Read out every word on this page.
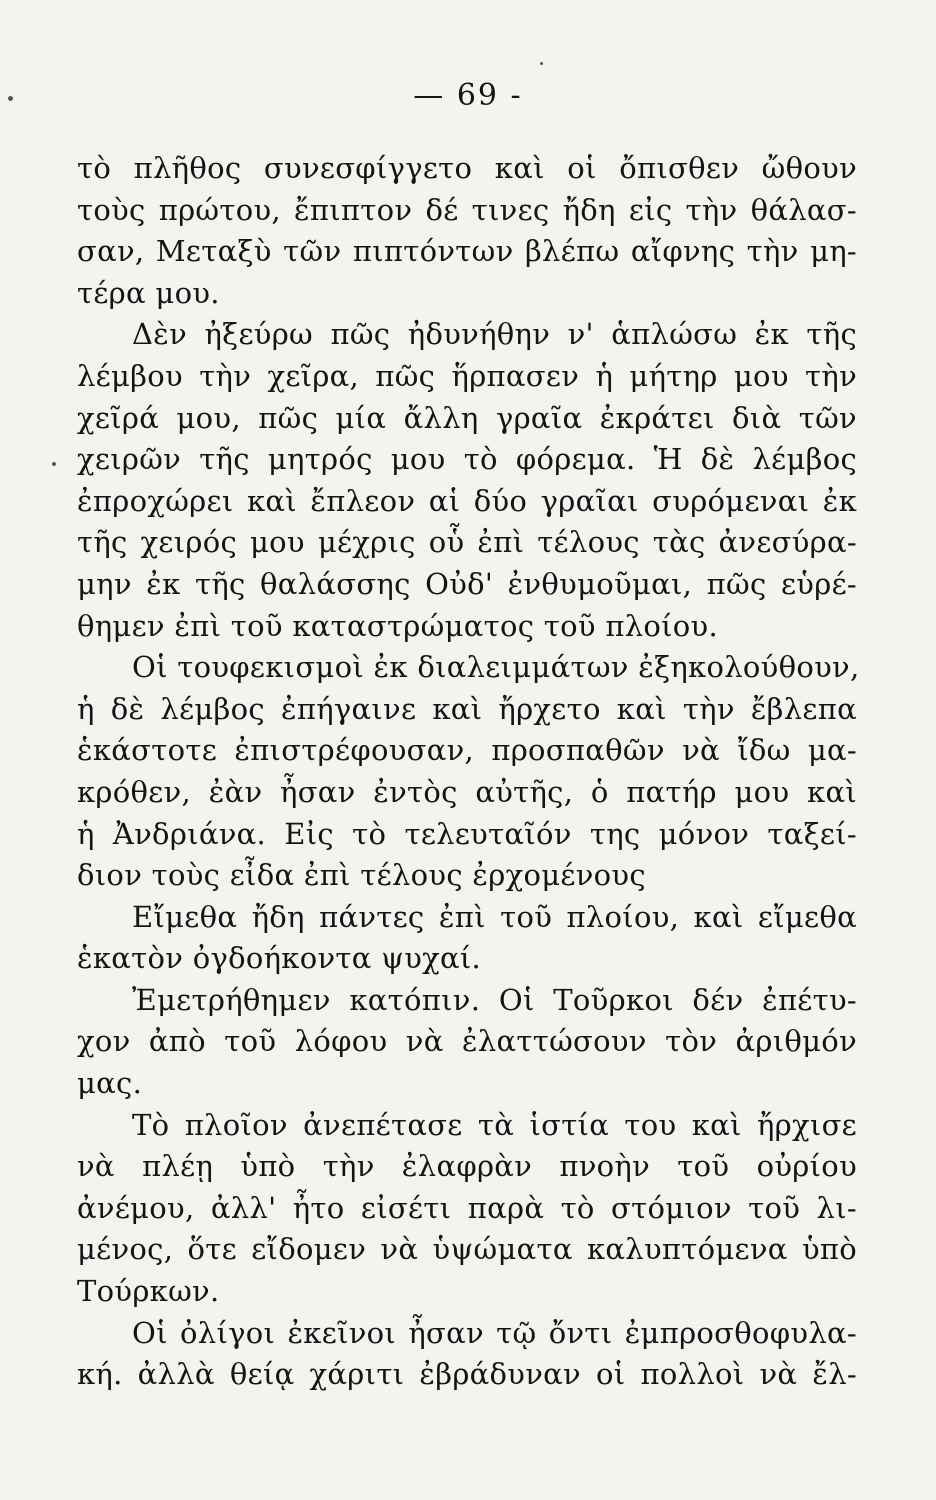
— 69 -
τὸ πλῆθος συνεσφίγγετο καὶ οἱ ὄπισθεν ὤθουν
τοὺς πρώτου, ἔπιπτον δέ τινες ἤδη εἰς τὴν θάλασ-
σαν, Μεταξὺ τῶν πιπτόντων βλέπω αἴφνης τὴν μη-
τέρα μου.
Δὲν ἠξεύρω πῶς ἠδυνήθην ν' ἁπλώσω ἐκ τῆς
λέμβου τὴν χεῖρα, πῶς ἥρπασεν ἡ μήτηρ μου τὴν
χεῖρά μου, πῶς μία ἄλλη γραῖα ἐκράτει διὰ τῶν
χειρῶν τῆς μητρός μου τὸ φόρεμα. Ἡ δὲ λέμβος
ἐπροχώρει καὶ ἔπλεον αἱ δύο γραῖαι συρόμεναι ἐκ
τῆς χειρός μου μέχρις οὗ ἐπὶ τέλους τὰς ἀνεσύρα-
μην ἐκ τῆς θαλάσσης Οὐδ' ἐνθυμοῦμαι, πῶς εὑρέ-
θημεν ἐπὶ τοῦ καταστρώματος τοῦ πλοίου.
Οἱ τουφεκισμοὶ ἐκ διαλειμμάτων ἐξηκολούθουν,
ἡ δὲ λέμβος ἐπήγαινε καὶ ἤρχετο καὶ τὴν ἔβλεπα
ἑκάστοτε ἐπιστρέφουσαν, προσπαθῶν νὰ ἴδω μα-
κρόθεν, ἐὰν ἦσαν ἐντὸς αὐτῆς, ὁ πατήρ μου καὶ
ἡ Ἀνδριάνα. Εἰς τὸ τελευταῖόν της μόνον ταξεί-
διον τοὺς εἶδα ἐπὶ τέλους ἐρχομένους
Εἴμεθα ἤδη πάντες ἐπὶ τοῦ πλοίου, καὶ εἴμεθα
ἑκατὸν ὀγδοήκοντα ψυχαί.
Ἐμετρήθημεν κατόπιν. Οἱ Τοῦρκοι δέν ἐπέτυ-
χον ἀπὸ τοῦ λόφου νὰ ἐλαττώσουν τὸν ἀριθμόν
μας.
Τὸ πλοῖον ἀνεπέτασε τὰ ἱστία του καὶ ἤρχισε
νὰ πλέῃ ὑπὸ τὴν ἐλαφρὰν πνοὴν τοῦ οὐρίου
ἀνέμου, ἀλλ' ἦτο εἰσέτι παρὰ τὸ στόμιον τοῦ λι-
μένος, ὅτε εἴδομεν νὰ ὑψώματα καλυπτόμενα ὑπὸ
Τούρκων.
Οἱ ὀλίγοι ἐκεῖνοι ἦσαν τῷ ὄντι ἐμπροσθοφυλα-
κή. ἀλλὰ θείᾳ χάριτι ἐβράδυναν οἱ πολλοὶ νὰ ἔλ-
